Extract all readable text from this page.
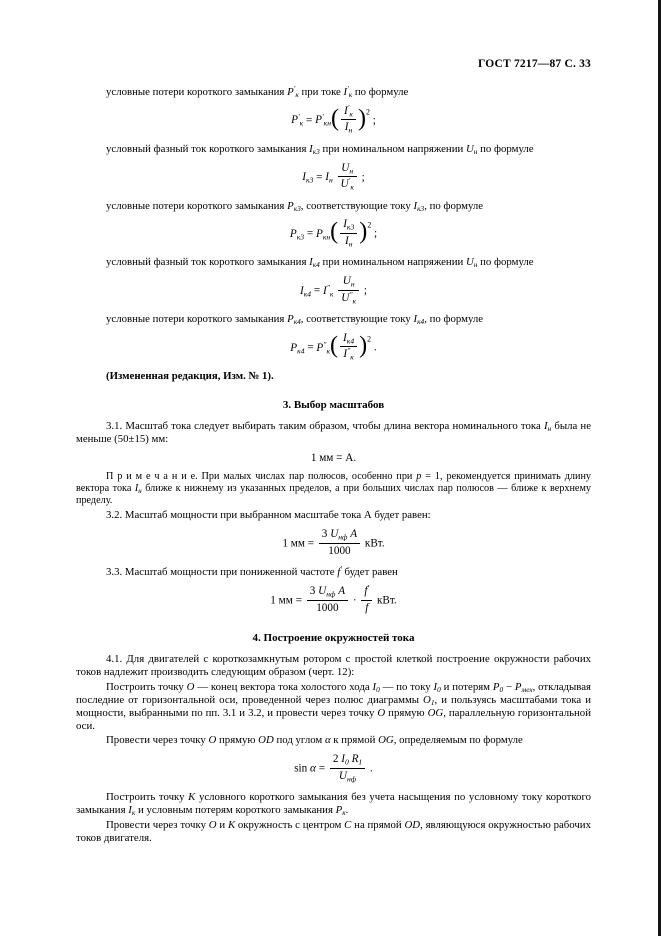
ГОСТ 7217—87 С. 33

условные потери короткого замыкания $P'_к$ при токе $I'_к$ по формуле

$P'_к = P'_{кн}( \frac{I'_к}{I_н} )^2$ ;

условный фазный ток короткого замыкания $I_{к3}$ при номинальном напряжении $U_н$ по формуле

$I_{к3} = I_н \frac{U_н}{U'_к}$ ;

условные потери короткого замыкания $P_{к3}$, соответствующие току $I_{к3}$, по формуле

$P_{к3} = P_{кн}( \frac{I_{к3}}{I_н} )^2$ ;

условный фазный ток короткого замыкания $I_{к4}$ при номинальном напряжении $U_н$ по формуле

$I_{к4} = I''_к \frac{U_н}{U''_к}$ ;

условные потери короткого замыкания $P_{к4}$, соответствующие току $I_{к4}$, по формуле

$P_{к4} = P''_к( \frac{I_{к4}}{I''_к} )^2$ .

(Измененная редакция, Изм. № 1).

3. Выбор масштабов

3.1. Масштаб тока следует выбирать таким образом, чтобы длина вектора номинального тока $I_н$ была не меньше (50±15) мм:

1 мм = А.

П р и м е ч а н и е. При малых числах пар полюсов, особенно при p = 1, рекомендуется принимать длину вектора тока $I_н$ ближе к нижнему из указанных пределов, а при больших числах пар полюсов — ближе к верхнему пределу.

3.2. Масштаб мощности при выбранном масштабе тока А будет равен:

1 мм = $\frac{3 U_{нф} А}{1000}$ кВт.

3.3. Масштаб мощности при пониженной частоте f′ будет равен

1 мм = $\frac{3 U_{нф} А}{1000} \cdot \frac{f'}{f}$ кВт.
4. Построение окружностей тока

4.1. Для двигателей с короткозамкнутым ротором с простой клеткой построение окружности рабочих токов надлежит производить следующим образом (черт. 12):

Построить точку О — конец вектора тока холостого хода $I_0$ — по току $I_0$ и потерям $P_0 - P_{мех}$, откладывая последние от горизонтальной оси, проведенной через полюс диаграммы $О_1$, и пользуясь масштабами тока и мощности, выбранными по пп. 3.1 и 3.2, и провести через точку О прямую ОG, параллельную горизонтальной оси.

Провести через точку О прямую ОD под углом α к прямой ОG, определяемым по формуле

$\sin \alpha = \frac{2 I_0 R_1}{U_{нф}}$ .

Построить точку К условного короткого замыкания без учета насыщения по условному току короткого замыкания $I_к$ и условным потерям короткого замыкания $P_к$.

Провести через точку О и К окружность с центром С на прямой ОD, являющуюся окружностью рабочих токов двигателя.
